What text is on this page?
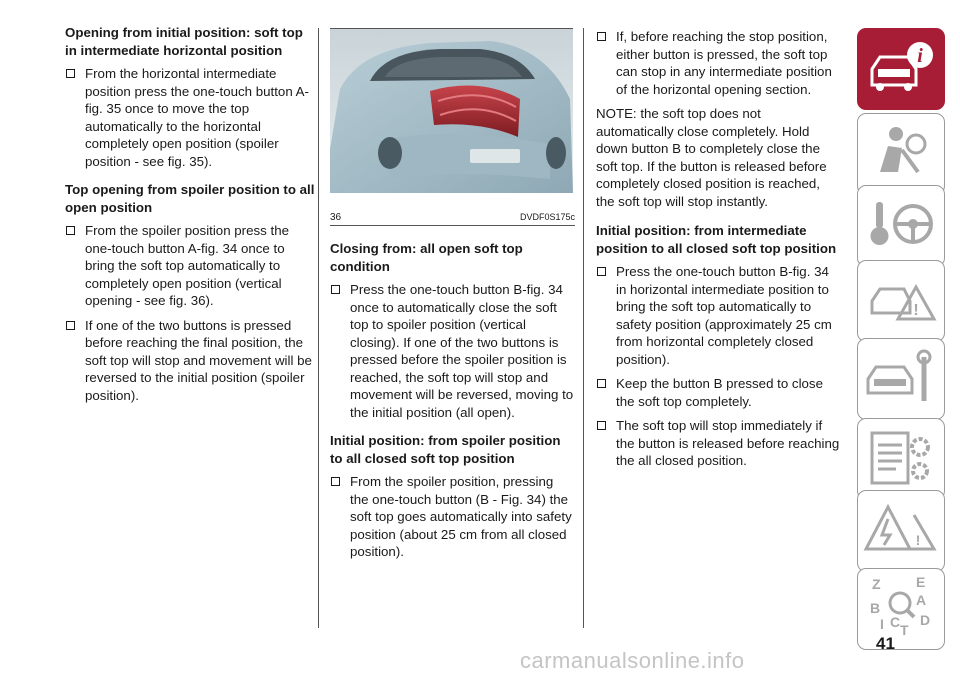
Opening from initial position: soft top in intermediate horizontal position
From the horizontal intermediate position press the one-touch button A-fig. 35 once to move the top automatically to the horizontal completely open position (spoiler position - see fig. 35).
Top opening from spoiler position to all open position
From the spoiler position press the one-touch button A-fig. 34 once to bring the soft top automatically to completely open position (vertical opening - see fig. 36).
If one of the two buttons is pressed before reaching the final position, the soft top will stop and movement will be reversed to the initial position (spoiler position).
36	DVDF0S175c
Closing from: all open soft top condition
Press the one-touch button B-fig. 34 once to automatically close the soft top to spoiler position (vertical closing). If one of the two buttons is pressed before the spoiler position is reached, the soft top will stop and movement will be reversed, moving to the initial position (all open).
Initial position: from spoiler position to all closed soft top position
From the spoiler position, pressing the one-touch button (B - Fig. 34) the soft top goes automatically into safety position (about 25 cm from all closed position).
If, before reaching the stop position, either button is pressed, the soft top can stop in any intermediate position of the horizontal opening section.
NOTE: the soft top does not automatically close completely. Hold down button B to completely close the soft top. If the button is released before completely closed position is reached, the soft top will stop instantly.
Initial position: from intermediate position to all closed soft top position
Press the one-touch button B-fig. 34 in horizontal intermediate position to bring the soft top automatically to safety position (approximately 25 cm from horizontal completely closed position).
Keep the button B pressed to close the soft top completely.
The soft top will stop immediately if the button is released before reaching the all closed position.
i
!
!
Z	E
A
B
I C T
D
41
carmanualsonline.info
